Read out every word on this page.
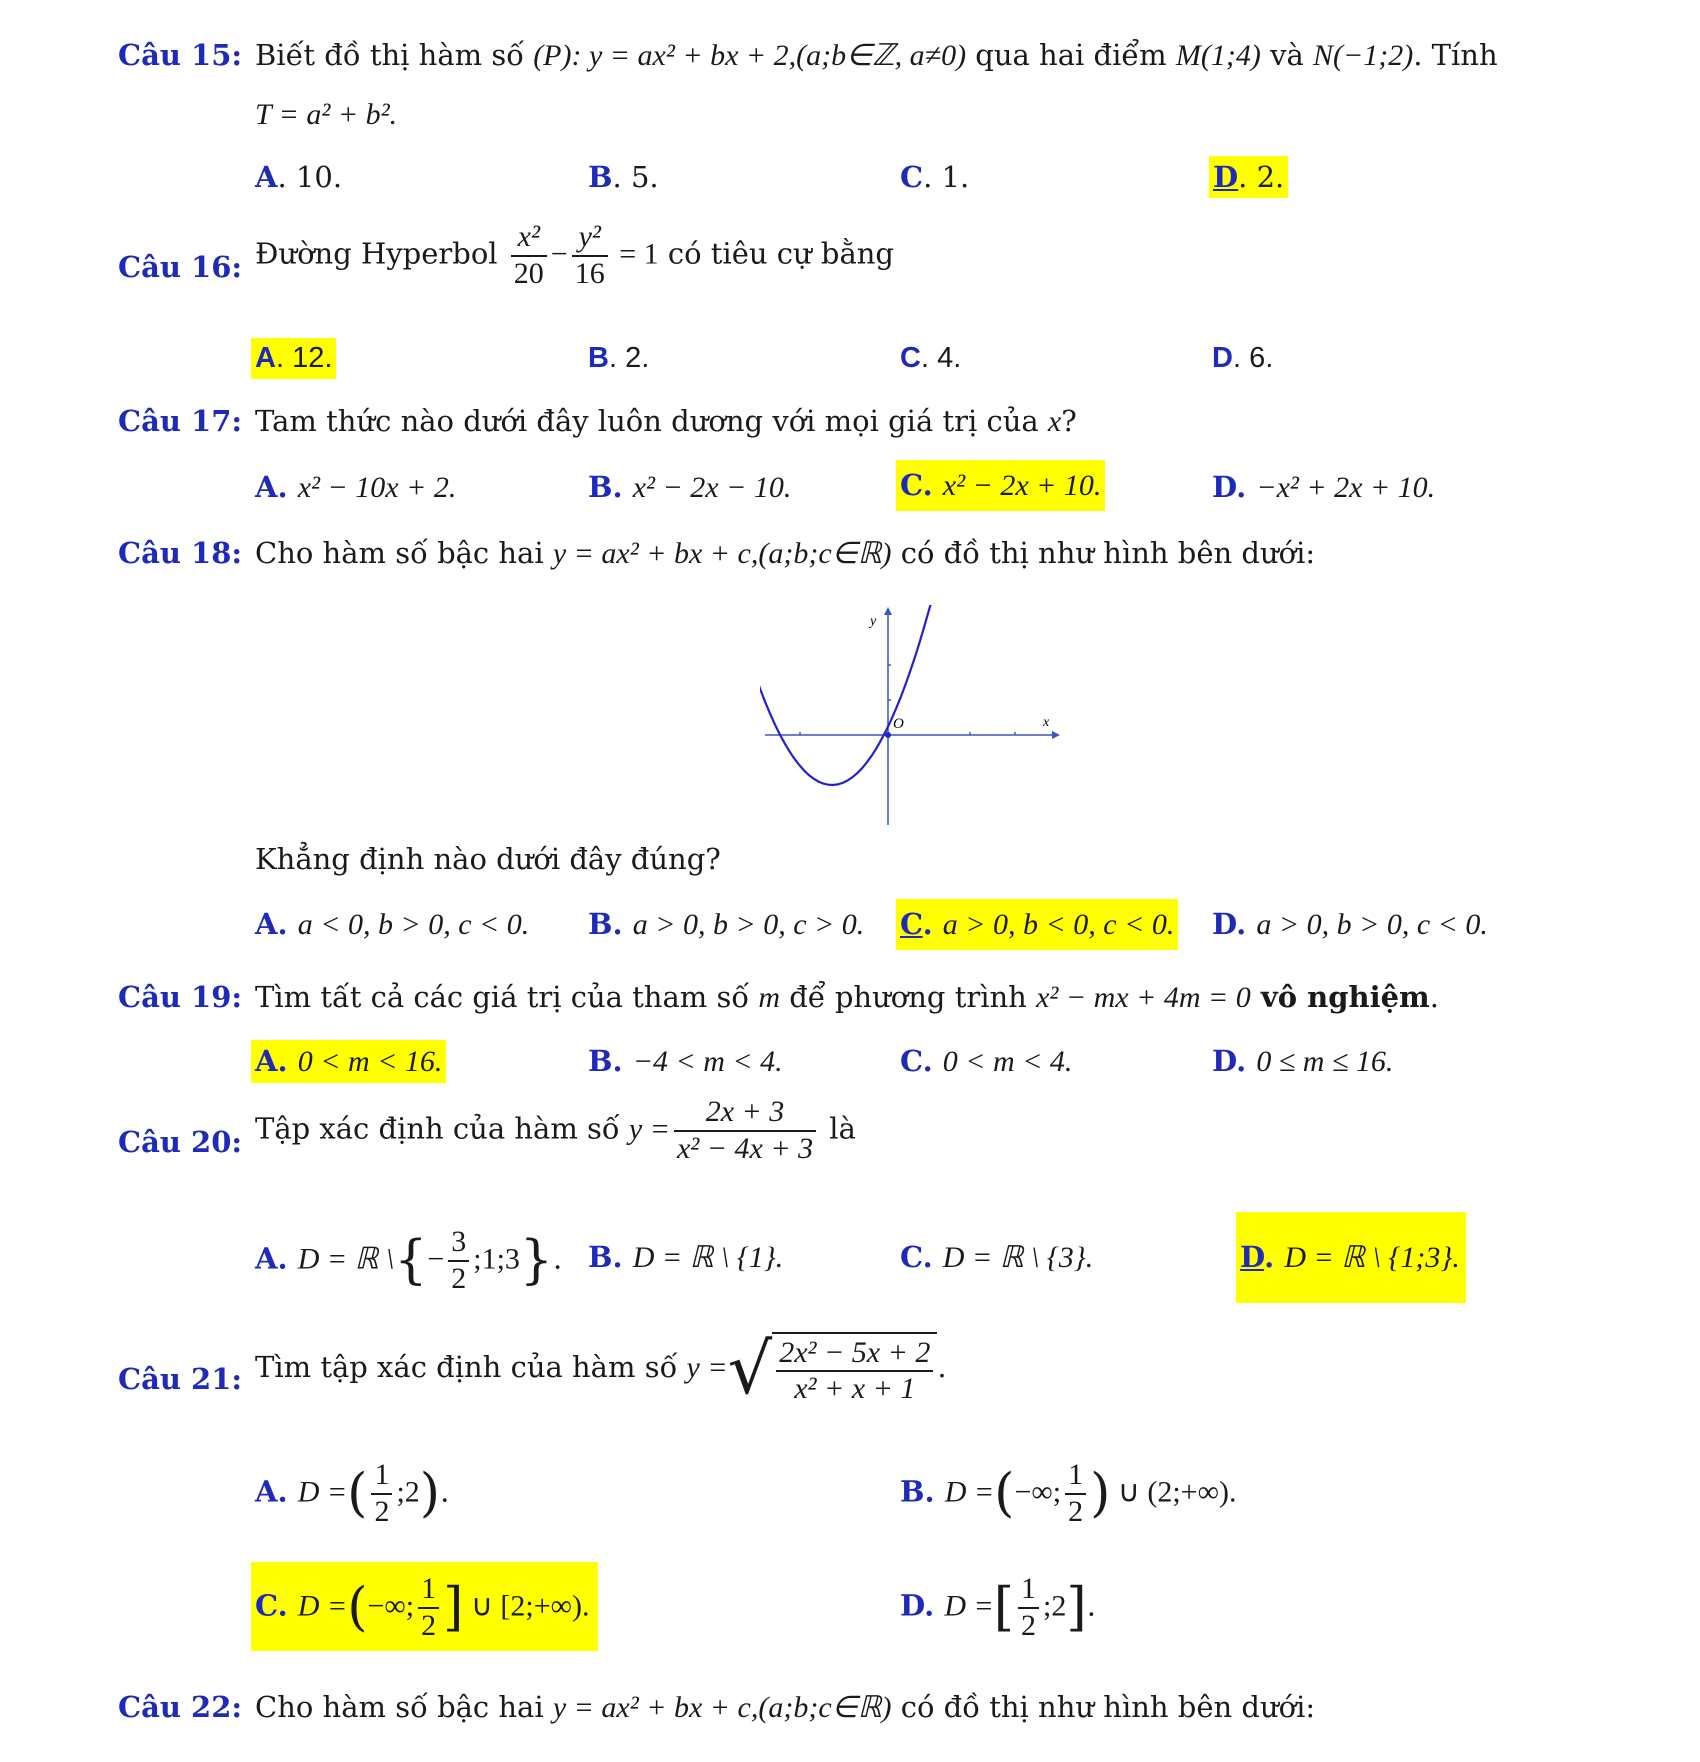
Câu 15: Biết đồ thị hàm số (P): y = ax² + bx + 2,(a;b∈ℤ, a≠0) qua hai điểm M(1;4) và N(−1;2). Tính
T = a² + b².
A. 10.	B. 5.	C. 1.	D. 2.
Câu 16: Đường Hyperbol $\frac{\text{x²}}{20} - \frac{\text{y²}}{16} = 1$ có tiêu cự bằng
A. 12.	B. 2.	C. 4.	D. 6.
Câu 17: Tam thức nào dưới đây luôn dương với mọi giá trị của x?
A. x² − 10x + 2.	B. x² − 2x − 10.	C. x² − 2x + 10.	D. −x² + 2x + 10.
Câu 18: Cho hàm số bậc hai y = ax² + bx + c,(a;b;c∈ℝ) có đồ thị như hình bên dưới:
O
y
x
Khẳng định nào dưới đây đúng?
A. a < 0, b > 0, c < 0. B. a > 0, b > 0, c > 0. C. a > 0, b < 0, c < 0. D. a > 0, b > 0, c < 0.
Câu 19: Tìm tất cả các giá trị của tham số m để phương trình x² − mx + 4m = 0 vô nghiệm.
A. 0 < m < 16.	B. −4 < m < 4.	C. 0 < m < 4.	D. 0 ≤ m ≤ 16.
Câu 20: Tập xác định của hàm số $y = \frac{2x + 3}{\text{x² − 4x + 3}}$ là
A. D = ℝ \{− $\frac{3}{2}$ ;1;3}. B. D = ℝ \ {1}.	C. D = ℝ \ {3}.	D. D = ℝ \ {1;3}.
Câu 21: Tìm tập xác định của hàm số y =√ $\frac{\text{2x² − 5x + 2}}{\text{x² + x + 1}}$ .
A. D =( $\frac{1}{2}$ ;2).	B. D =(−∞; $\frac{1}{2}$ ) ∪ (2;+∞).
C. D =(−∞; $\frac{1}{2}$ ] ∪ [2;+∞).	D. D =[ $\frac{1}{2}$ ;2].
Câu 22: Cho hàm số bậc hai y = ax² + bx + c,(a;b;c∈ℝ) có đồ thị như hình bên dưới:
